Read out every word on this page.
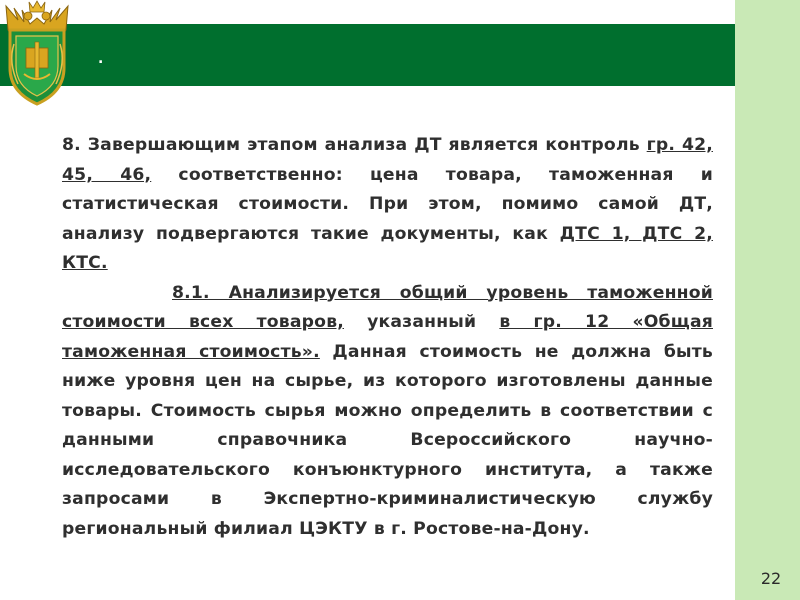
.

8. Завершающим этапом анализа ДТ является контроль гр. 42, 45, 46, соответственно: цена товара, таможенная и статистическая стоимости. При этом, помимо самой ДТ, анализу подвергаются такие документы, как ДТС 1, ДТС 2, КТС.

8.1. Анализируется общий уровень таможенной стоимости всех товаров, указанный в гр. 12 «Общая таможенная стоимость». Данная стоимость не должна быть ниже уровня цен на сырье, из которого изготовлены данные товары. Стоимость сырья можно определить в соответствии с данными справочника Всероссийского научно-исследовательского конъюнктурного института, а также запросами в Экспертно-криминалистическую службу региональный филиал ЦЭКТУ в г. Ростове-на-Дону.

22
